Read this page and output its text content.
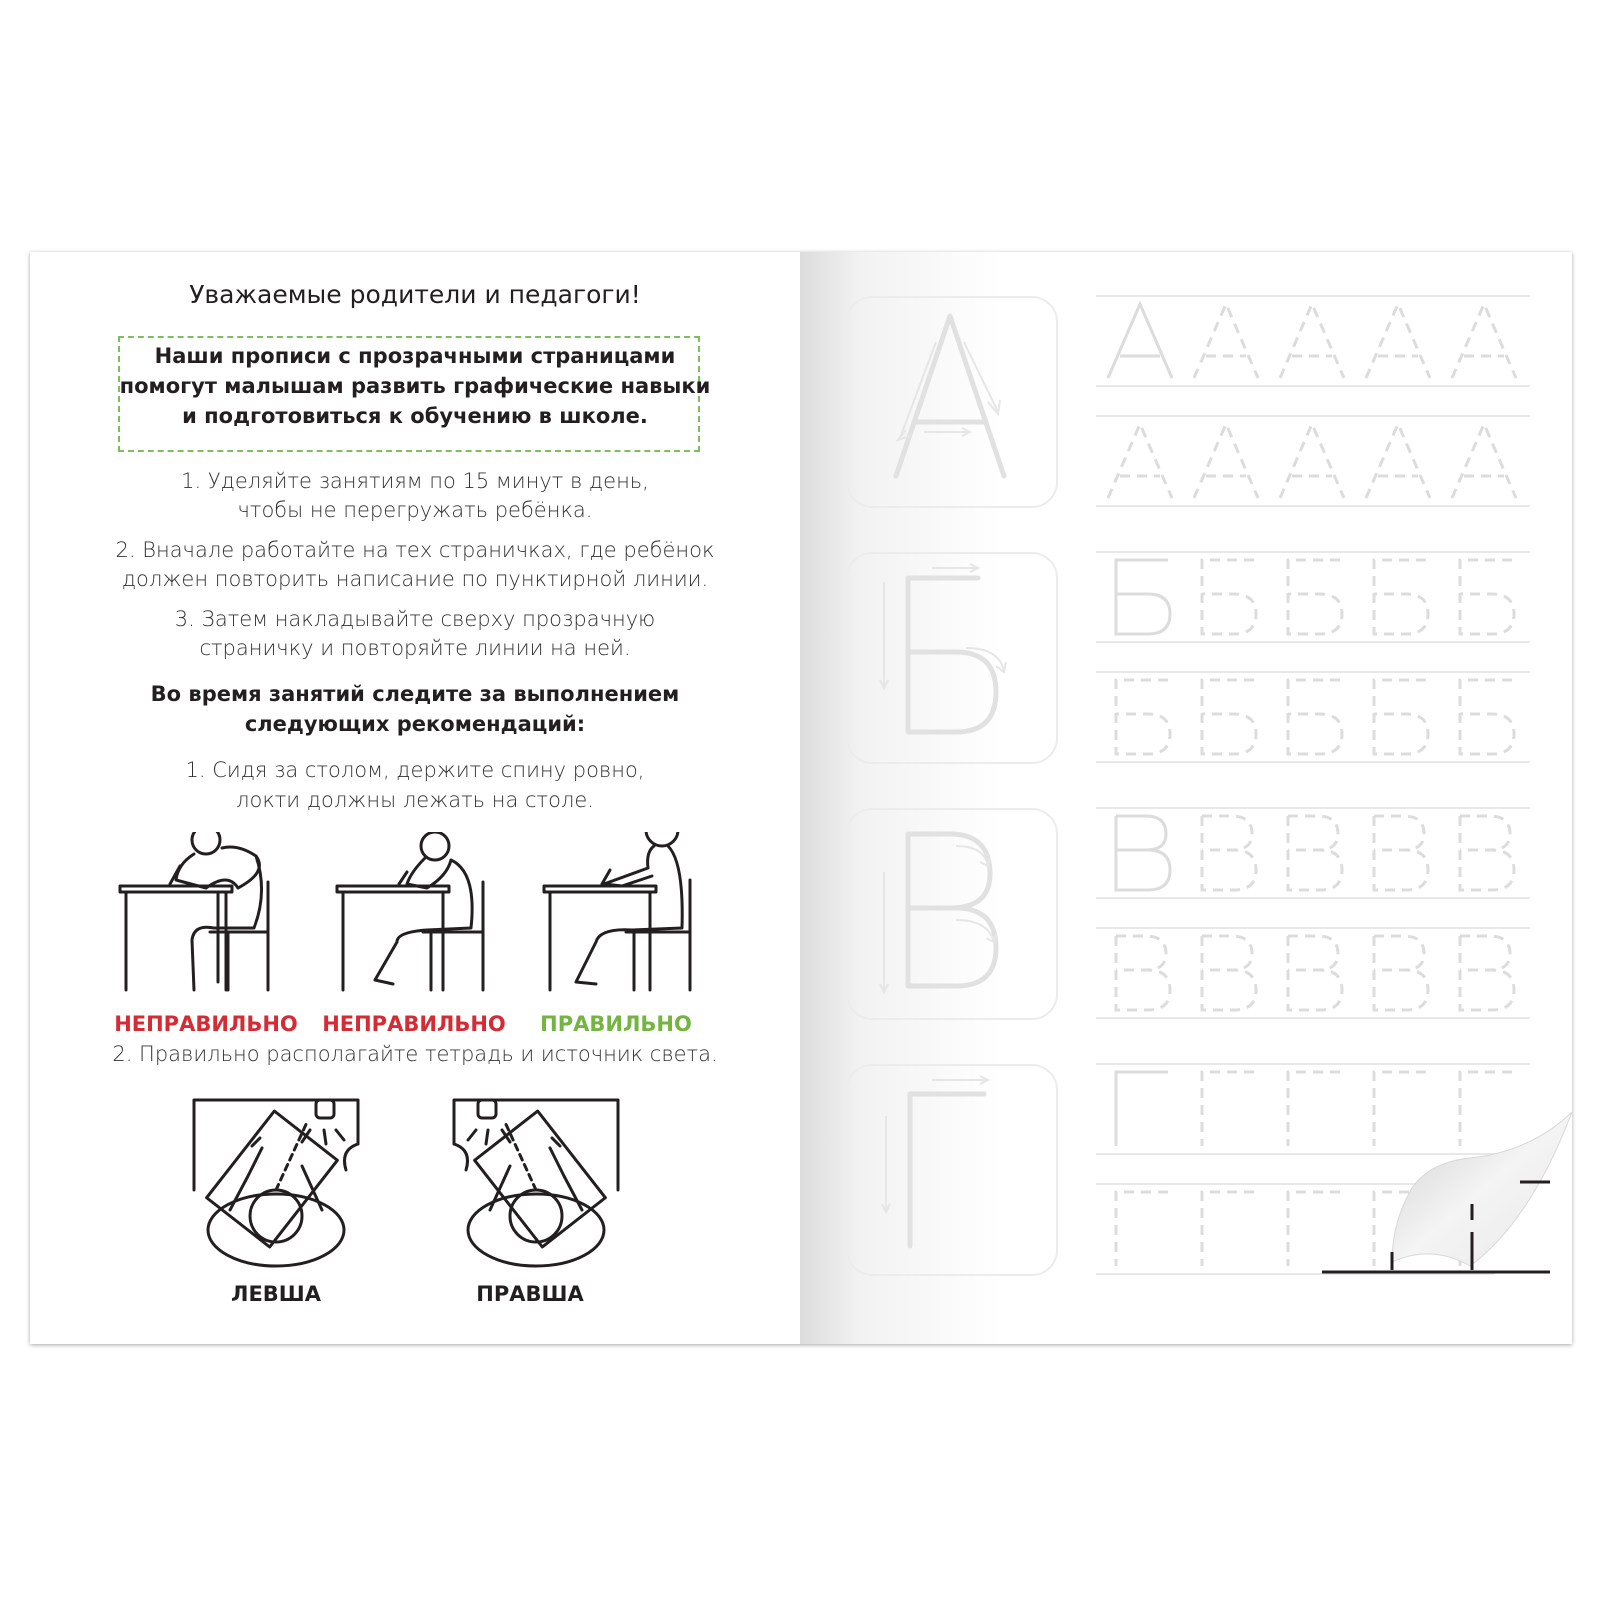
Уважаемые родители и педагоги!
Наши прописи с прозрачными страницами
помогут малышам развить графические навыки
и подготовиться к обучению в школе.
1. Уделяйте занятиям по 15 минут в день,
чтобы не перегружать ребёнка.
2. Вначале работайте на тех страничках, где ребёнок
должен повторить написание по пунктирной линии.
3. Затем накладывайте сверху прозрачную
страничку и повторяйте линии на ней.
Во время занятий следите за выполнением
следующих рекомендаций:
1. Сидя за столом, держите спину ровно,
локти должны лежать на столе.
НЕПРАВИЛЬНО	НЕПРАВИЛЬНО	ПРАВИЛЬНО
2. Правильно располагайте тетрадь и источник света.
ЛЕВША	ПРАВША
